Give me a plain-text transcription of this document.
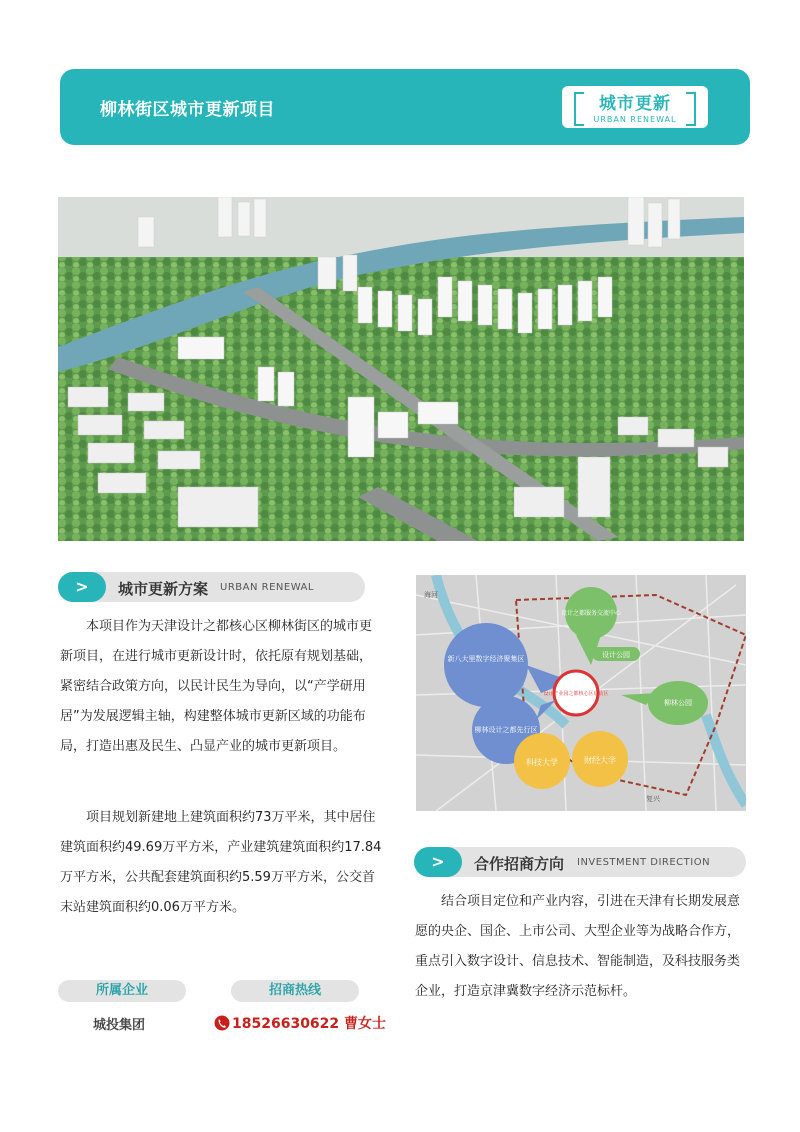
柳林街区城市更新项目	城市更新
URBAN RENEWAL
>	城市更新方案 URBAN RENEWAL

本项目作为天津设计之都核心区柳林街区的城市更新项目，在进行城市更新设计时，依托原有规划基础，紧密结合政策方向，以民计民生为导向，以“产学研用居”为发展逻辑主轴，构建整体城市更新区域的功能布局，打造出惠及民生、凸显产业的城市更新项目。

项目规划新建地上建筑面积约73万平米，其中居住建筑面积约49.69万平方米，产业建筑建筑面积约17.84万平方米，公共配套建筑面积约5.59万平方米，公交首末站建筑面积约0.06万平方米。

海河
复兴
新八大里数字经济聚集区
设计之都服务交流中心
设计公园
设计产业园之都核心区启动区
柳林公园
柳林设计之都先行区
科技大学	财经大学
>	合作招商方向 INVESTMENT DIRECTION

结合项目定位和产业内容，引进在天津有长期发展意愿的央企、国企、上市公司、大型企业等为战略合作方，重点引入数字设计、信息技术、智能制造，及科技服务类企业，打造京津冀数字经济示范标杆。

所属企业	招商热线
城投集团	18526630622 曹女士
